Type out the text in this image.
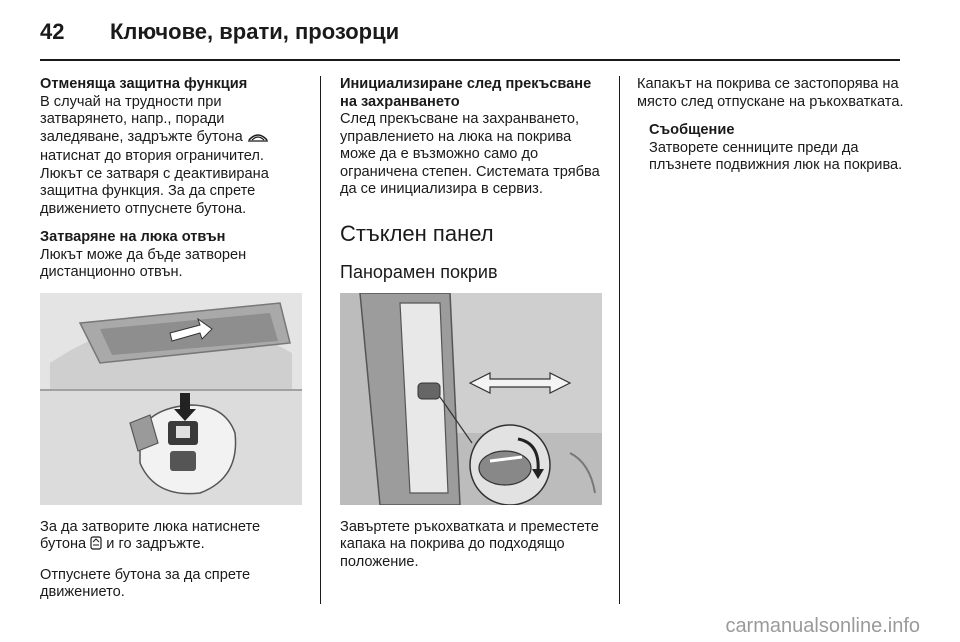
42	Ключове, врати, прозорци
Отменяща защитна функция

В случай на трудности при затварянето, напр., поради заледяване, задръжте бутона  натиснат до втория ограничител. Люкът се затваря с деактивирана защитна функция. За да спрете движението отпуснете бутона.

Затваряне на люка отвън

Люкът може да бъде затворен дистанционно отвън.

За да затворите люка натиснете бутона и го задръжте.

Отпуснете бутона за да спрете движението.

Инициализиране след прекъсване на захранването

След прекъсване на захранването, управлението на люка на покрива може да е възможно само до ограничена степен. Системата трябва да се инициализира в сервиз.

Стъклен панел
Панорамен покрив

Завъртете ръкохватката и преместете капака на покрива до подходящо положение.

Капакът на покрива се застопорява на място след отпускане на ръкохватката.

Съобщение

Затворете сенниците преди да плъзнете подвижния люк на покрива.

carmanualsonline.info
